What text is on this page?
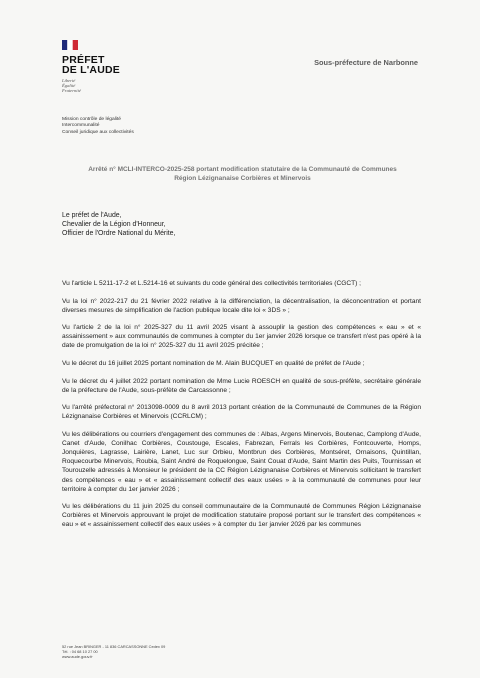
PRÉFET
DE L'AUDE
Liberté
Égalité
Fraternité
Sous-préfecture de Narbonne
Mission contrôle de légalité
Intercommunalité
Conseil juridique aux collectivités
Arrêté n° MCLI-INTERCO-2025-258 portant modification statutaire de la Communauté de Communes Région Lézignanaise Corbières et Minervois
Le préfet de l'Aude,
Chevalier de la Légion d'Honneur,
Officier de l'Ordre National du Mérite,

Vu l'article L 5211-17-2 et L.5214-16 et suivants du code général des collectivités territoriales (CGCT) ;

Vu la loi n° 2022-217 du 21 février 2022 relative à la différenciation, la décentralisation, la déconcentration et portant diverses mesures de simplification de l'action publique locale dite loi « 3DS » ;

Vu l'article 2 de la loi n° 2025-327 du 11 avril 2025 visant à assouplir la gestion des compétences « eau » et « assainissement » aux communautés de communes à compter du 1er janvier 2026 lorsque ce transfert n'est pas opéré à la date de promulgation de la loi n° 2025-327 du 11 avril 2025 précitée ;

Vu le décret du 16 juillet 2025 portant nomination de M. Alain BUCQUET en qualité de préfet de l'Aude ;

Vu le décret du 4 juillet 2022 portant nomination de Mme Lucie ROESCH en qualité de sous-préfète, secrétaire générale de la préfecture de l'Aude, sous-préfète de Carcassonne ;

Vu l'arrêté préfectoral n° 2013098-0009 du 8 avril 2013 portant création de la Communauté de Communes de la Région Lézignanaise Corbières et Minervois (CCRLCM) ;

Vu les délibérations ou courriers d'engagement des communes de : Albas, Argens Minervois, Boutenac, Camplong d'Aude, Canet d'Aude, Conilhac Corbières, Coustouge, Escales, Fabrezan, Ferrals les Corbières, Fontcouverte, Homps, Jonquières, Lagrasse, Lairière, Lanet, Luc sur Orbieu, Montbrun des Corbières, Montséret, Ornaisons, Quintillan, Roquecourbe Minervois, Roubia, Saint André de Roquelongue, Saint Couat d'Aude, Saint Martin des Puits, Tournissan et Tourouzelle adressés à Monsieur le président de la CC Région Lézignanaise Corbières et Minervois sollicitant le transfert des compétences « eau » et « assainissement collectif des eaux usées » à la communauté de communes pour leur territoire à compter du 1er janvier 2026 ;

Vu les délibérations du 11 juin 2025 du conseil communautaire de la Communauté de Communes Région Lézignanaise Corbières et Minervois approuvant le projet de modification statutaire proposé portant sur le transfert des compétences « eau » et « assainissement collectif des eaux usées » à compter du 1er janvier 2026 par les communes

52 rue Jean BRINGER - 11 836 CARCASSONNE Cedex 09
Tél. : 04 68 10 27 00
www.aude.gouv.fr
